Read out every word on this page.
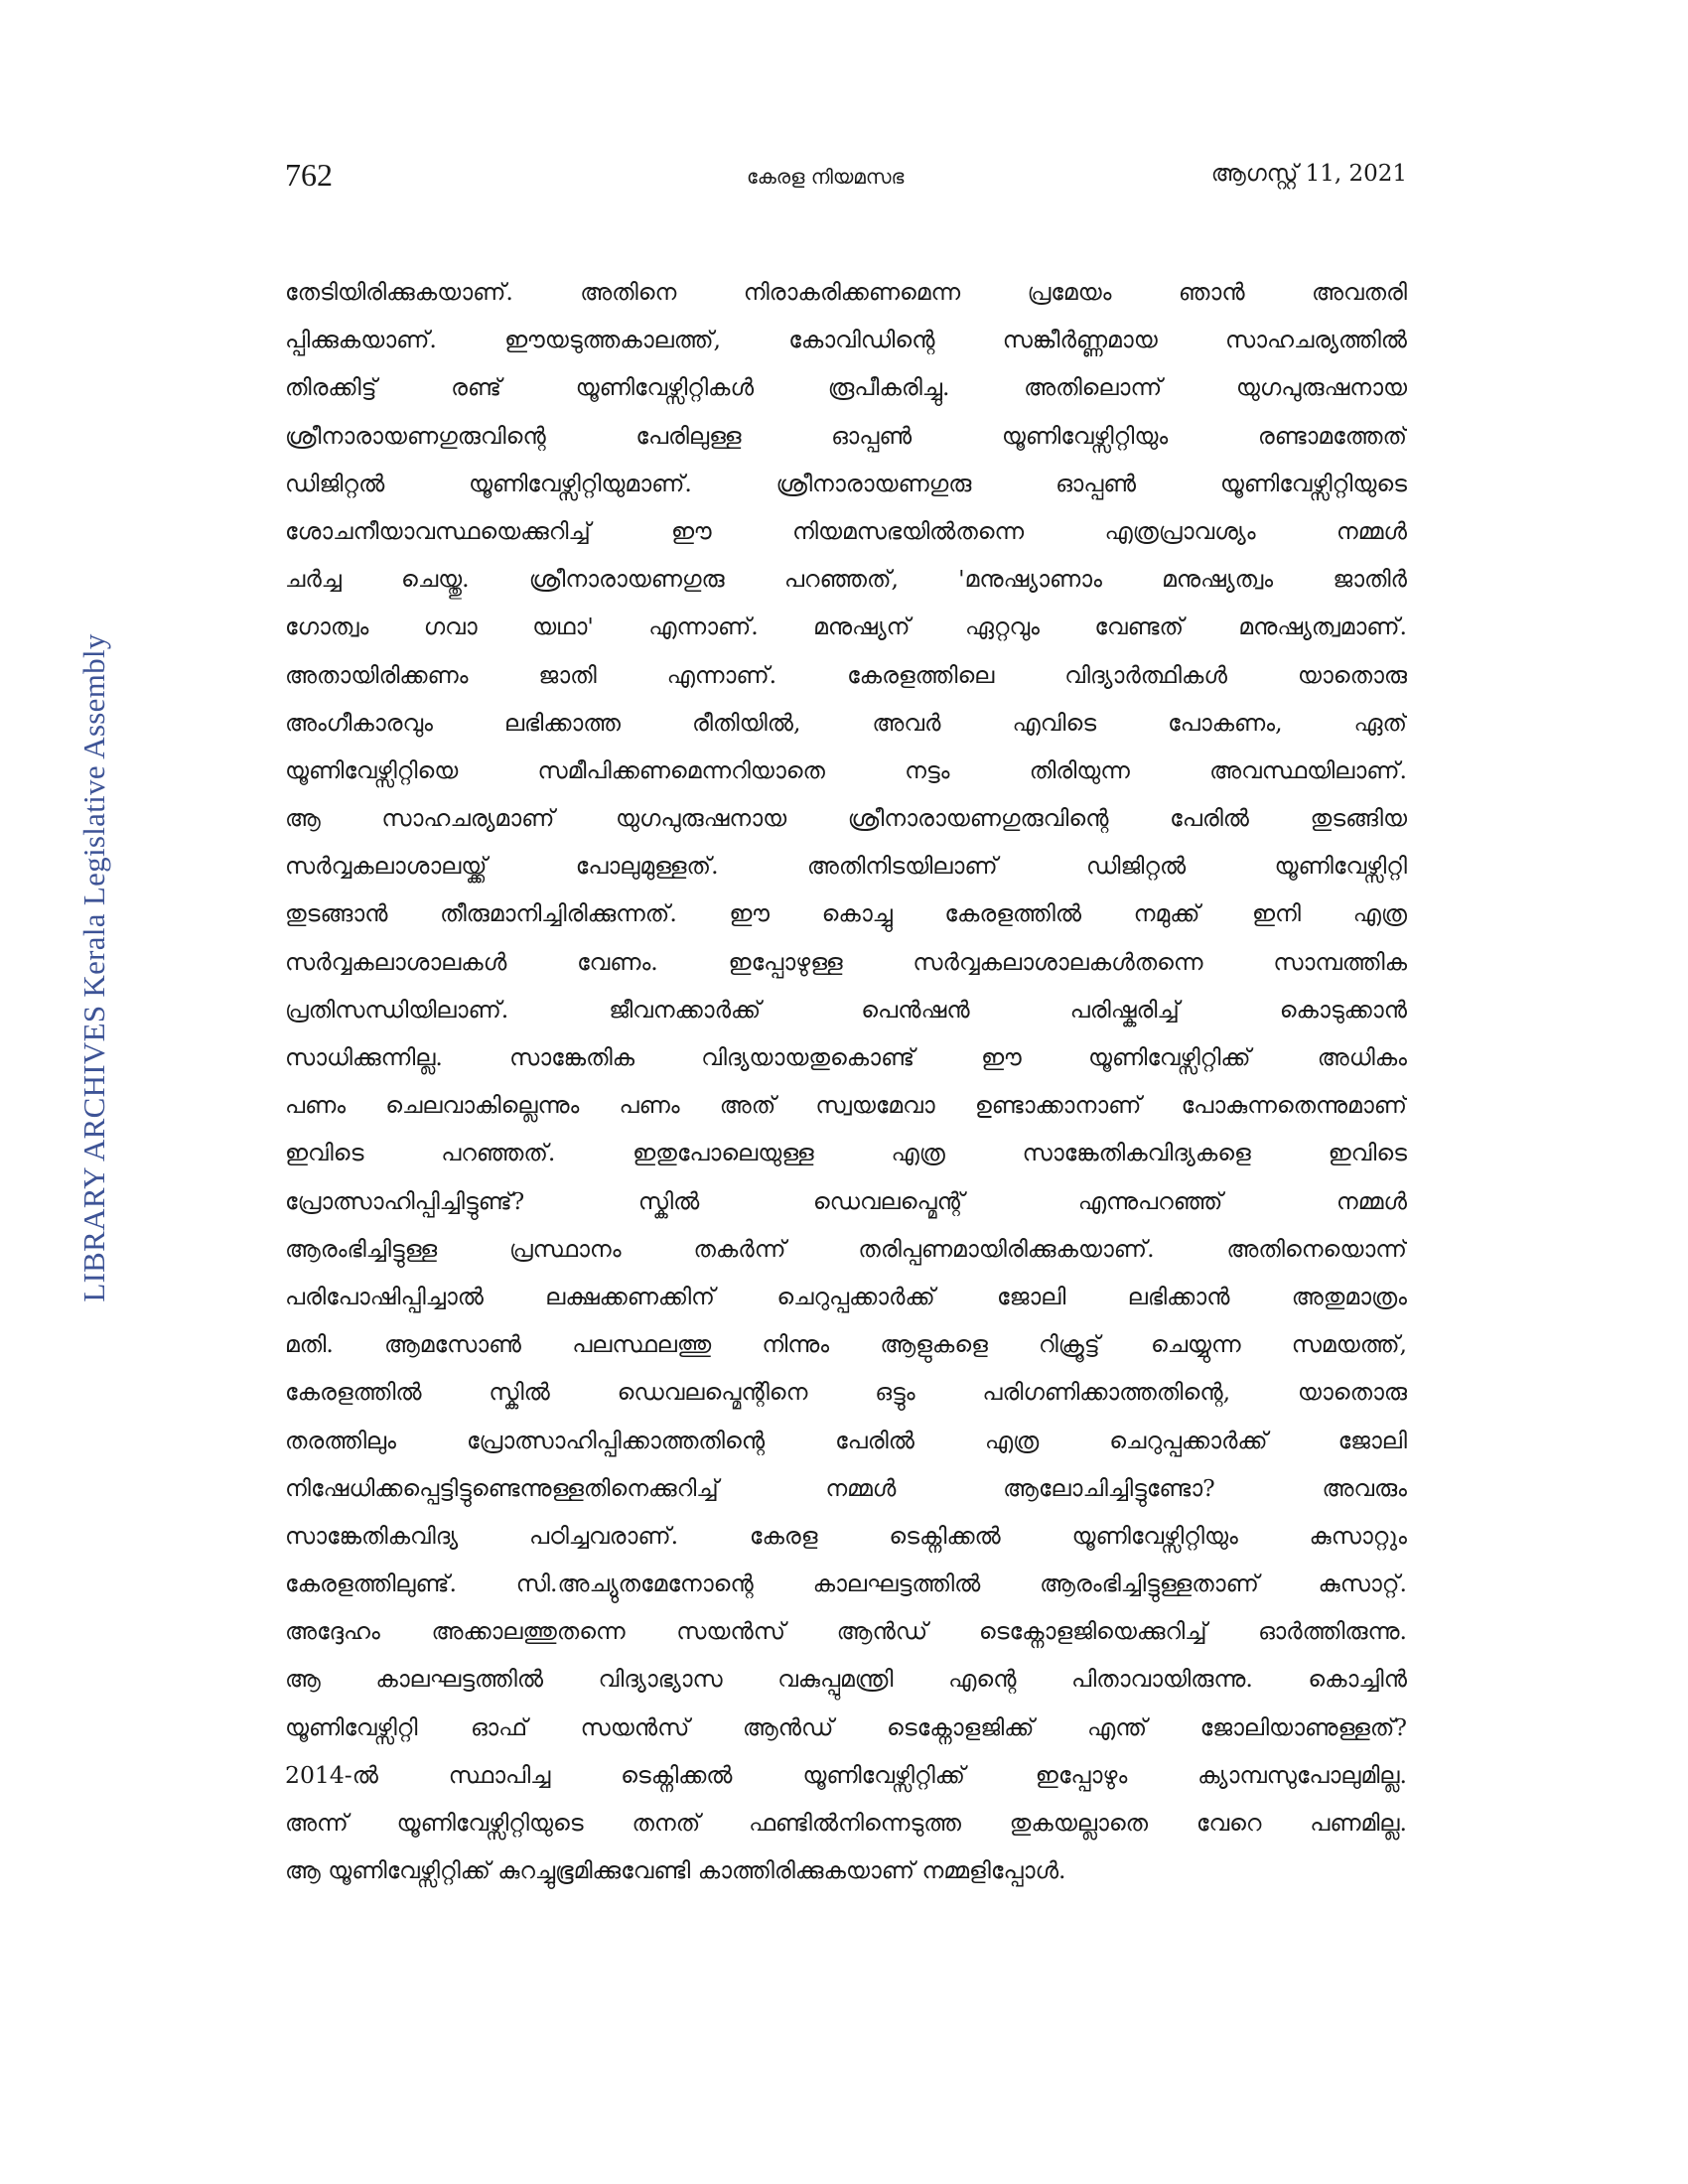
LIBRARY ARCHIVES Kerala Legislative Assembly
762	കേരള നിയമസഭ	ആഗസ്റ്റ് 11, 2021
തേടിയിരിക്കുകയാണ്. അതിനെ നിരാകരിക്കണമെന്ന പ്രമേയം ഞാൻ അവതരി
പ്പിക്കുകയാണ്. ഈയടുത്തകാലത്ത്, കോവിഡിന്റെ സങ്കീർണ്ണമായ സാഹചര്യത്തിൽ
തിരക്കിട്ട് രണ്ട് യൂണിവേഴ്സിറ്റികൾ രൂപീകരിച്ചു. അതിലൊന്ന് യുഗപുരുഷനായ
ശ്രീനാരായണഗുരുവിന്റെ പേരിലുള്ള ഓപ്പൺ യൂണിവേഴ്സിറ്റിയും രണ്ടാമത്തേത്
ഡിജിറ്റൽ യൂണിവേഴ്സിറ്റിയുമാണ്. ശ്രീനാരായണഗുരു ഓപ്പൺ യൂണിവേഴ്സിറ്റിയുടെ
ശോചനീയാവസ്ഥയെക്കുറിച്ച് ഈ നിയമസഭയിൽതന്നെ എത്രപ്രാവശ്യം നമ്മൾ
ചർച്ച ചെയ്തു. ശ്രീനാരായണഗുരു പറഞ്ഞത്, 'മനുഷ്യാണാം മനുഷ്യത്വം ജാതിർ
ഗോത്വം ഗവാ യഥാ' എന്നാണ്. മനുഷ്യന് ഏറ്റവും വേണ്ടത് മനുഷ്യത്വമാണ്.
അതായിരിക്കണം ജാതി എന്നാണ്. കേരളത്തിലെ വിദ്യാർത്ഥികൾ യാതൊരു
അംഗീകാരവും ലഭിക്കാത്ത രീതിയിൽ, അവർ എവിടെ പോകണം, ഏത്
യൂണിവേഴ്സിറ്റിയെ സമീപിക്കണമെന്നറിയാതെ നട്ടം തിരിയുന്ന അവസ്ഥയിലാണ്.
ആ സാഹചര്യമാണ് യുഗപുരുഷനായ ശ്രീനാരായണഗുരുവിന്റെ പേരിൽ തുടങ്ങിയ
സർവ്വകലാശാലയ്ക്ക് പോലുമുള്ളത്. അതിനിടയിലാണ് ഡിജിറ്റൽ യൂണിവേഴ്സിറ്റി
തുടങ്ങാൻ തീരുമാനിച്ചിരിക്കുന്നത്. ഈ കൊച്ചു കേരളത്തിൽ നമുക്ക് ഇനി എത്ര
സർവ്വകലാശാലകൾ വേണം. ഇപ്പോഴുള്ള സർവ്വകലാശാലകൾതന്നെ സാമ്പത്തിക
പ്രതിസന്ധിയിലാണ്. ജീവനക്കാർക്ക് പെൻഷൻ പരിഷ്കരിച്ച് കൊടുക്കാൻ
സാധിക്കുന്നില്ല. സാങ്കേതിക വിദ്യയായതുകൊണ്ട് ഈ യൂണിവേഴ്സിറ്റിക്ക് അധികം
പണം ചെലവാകില്ലെന്നും പണം അത് സ്വയമേവാ ഉണ്ടാക്കാനാണ് പോകുന്നതെന്നുമാണ്
ഇവിടെ പറഞ്ഞത്. ഇതുപോലെയുള്ള എത്ര സാങ്കേതികവിദ്യകളെ ഇവിടെ
പ്രോത്സാഹിപ്പിച്ചിട്ടുണ്ട്? സ്കിൽ ഡെവലപ്മെന്റ് എന്നുപറഞ്ഞ് നമ്മൾ
ആരംഭിച്ചിട്ടുള്ള പ്രസ്ഥാനം തകർന്ന് തരിപ്പണമായിരിക്കുകയാണ്. അതിനെയൊന്ന്
പരിപോഷിപ്പിച്ചാൽ ലക്ഷക്കണക്കിന് ചെറുപ്പക്കാർക്ക് ജോലി ലഭിക്കാൻ അതുമാത്രം
മതി. ആമസോൺ പലസ്ഥലത്തു നിന്നും ആളുകളെ റിക്രൂട്ട് ചെയ്യുന്ന സമയത്ത്,
കേരളത്തിൽ സ്കിൽ ഡെവലപ്മെന്റിനെ ഒട്ടും പരിഗണിക്കാത്തതിന്റെ, യാതൊരു
തരത്തിലും പ്രോത്സാഹിപ്പിക്കാത്തതിന്റെ പേരിൽ എത്ര ചെറുപ്പക്കാർക്ക് ജോലി
നിഷേധിക്കപ്പെട്ടിട്ടുണ്ടെന്നുള്ളതിനെക്കുറിച്ച് നമ്മൾ ആലോചിച്ചിട്ടുണ്ടോ? അവരും
സാങ്കേതികവിദ്യ പഠിച്ചവരാണ്. കേരള ടെക്നിക്കൽ യൂണിവേഴ്സിറ്റിയും കുസാറ്റും
കേരളത്തിലുണ്ട്. സി.അച്യുതമേനോന്റെ കാലഘട്ടത്തിൽ ആരംഭിച്ചിട്ടുള്ളതാണ് കുസാറ്റ്.
അദ്ദേഹം അക്കാലത്തുതന്നെ സയൻസ് ആൻഡ് ടെക്നോളജിയെക്കുറിച്ച് ഓർത്തിരുന്നു.
ആ കാലഘട്ടത്തിൽ വിദ്യാഭ്യാസ വകുപ്പുമന്ത്രി എന്റെ പിതാവായിരുന്നു. കൊച്ചിൻ
യൂണിവേഴ്സിറ്റി ഓഫ് സയൻസ് ആൻഡ് ടെക്നോളജിക്ക് എന്ത് ജോലിയാണുള്ളത്?
2014-ൽ സ്ഥാപിച്ച ടെക്നിക്കൽ യൂണിവേഴ്സിറ്റിക്ക് ഇപ്പോഴും ക്യാമ്പസുപോലുമില്ല.
അന്ന് യൂണിവേഴ്സിറ്റിയുടെ തനത് ഫണ്ടിൽനിന്നെടുത്ത തുകയല്ലാതെ വേറെ പണമില്ല.
ആ യൂണിവേഴ്സിറ്റിക്ക് കുറച്ചുഭൂമിക്കുവേണ്ടി കാത്തിരിക്കുകയാണ് നമ്മളിപ്പോൾ.
